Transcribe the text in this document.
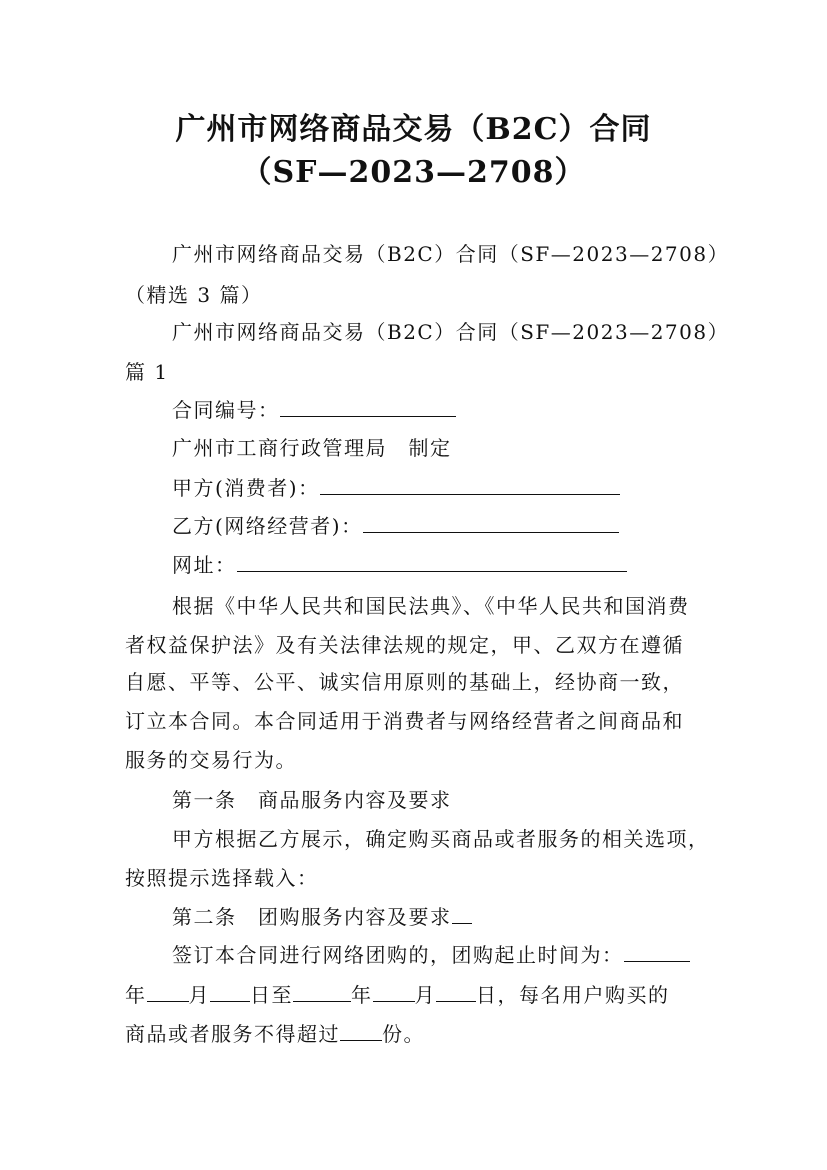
广州市网络商品交易（B2C）合同
（SF—2023—2708）
广州市网络商品交易（B2C）合同（SF—2023—2708）
（精选 3 篇）
广州市网络商品交易（B2C）合同（SF—2023—2708）
篇 1
合同编号：
广州市工商行政管理局　制定
甲方(消费者)：
乙方(网络经营者)：
网址：
根据《中华人民共和国民法典》、《中华人民共和国消费
者权益保护法》及有关法律法规的规定，甲、乙双方在遵循
自愿、平等、公平、诚实信用原则的基础上，经协商一致，
订立本合同。本合同适用于消费者与网络经营者之间商品和
服务的交易行为。
第一条　商品服务内容及要求
甲方根据乙方展示，确定购买商品或者服务的相关选项，
按照提示选择载入：
第二条　团购服务内容及要求
签订本合同进行网络团购的，团购起止时间为：
年 月 日至	年 月 日，每名用户购买的
商品或者服务不得超过 份。
